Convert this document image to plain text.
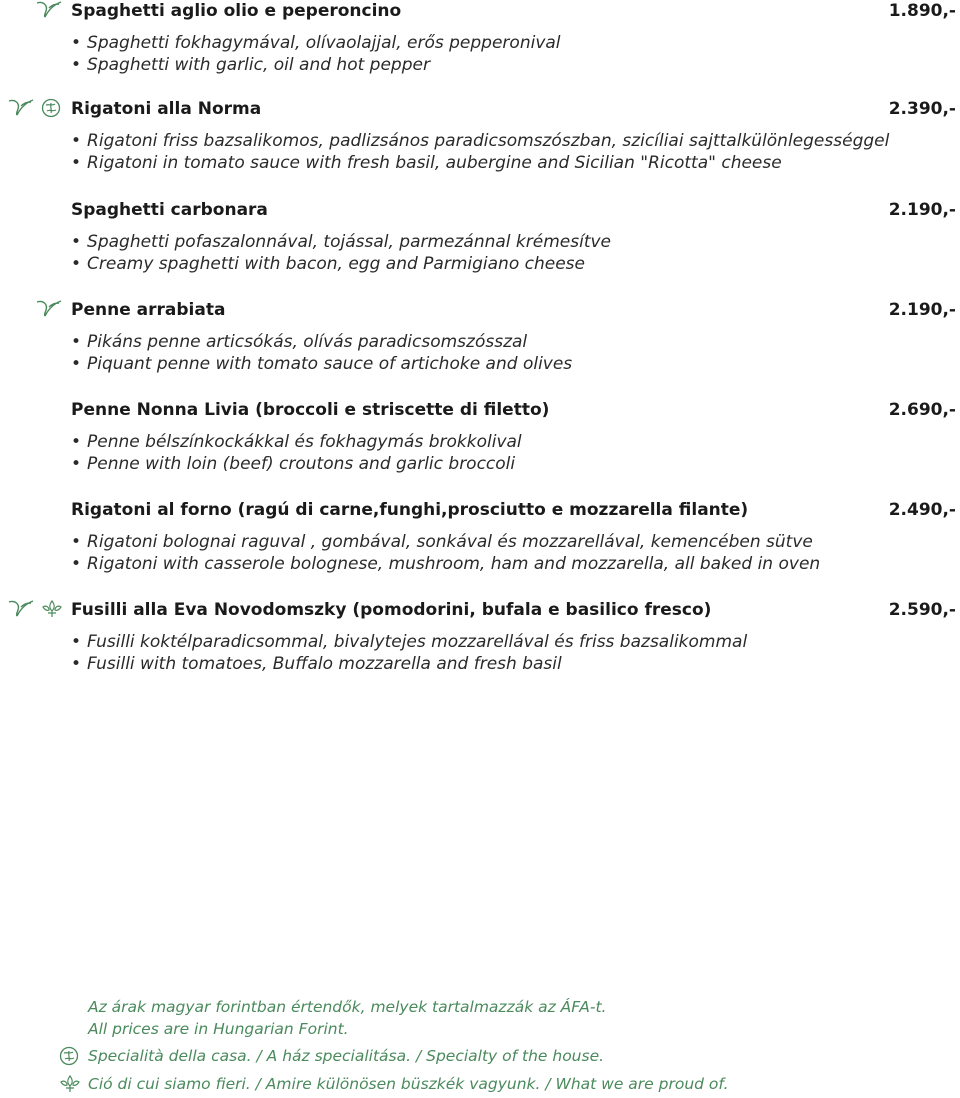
Spaghetti aglio olio e peperoncino	1.890,-
• Spaghetti fokhagymával, olívaolajjal, erős pepperonival
• Spaghetti with garlic, oil and hot pepper
Rigatoni alla Norma	2.390,-
• Rigatoni friss bazsalikomos, padlizsános paradicsomszószban, szicíliai sajttalkülönlegességgel
• Rigatoni in tomato sauce with fresh basil, aubergine and Sicilian "Ricotta" cheese
Spaghetti carbonara	2.190,-
• Spaghetti pofaszalonnával, tojással, parmezánnal krémesítve
• Creamy spaghetti with bacon, egg and Parmigiano cheese
Penne arrabiata	2.190,-
• Pikáns penne articsókás, olívás paradicsomszósszal
• Piquant penne with tomato sauce of artichoke and olives
Penne Nonna Livia (broccoli e striscette di filetto)	2.690,-
• Penne bélszínkockákkal és fokhagymás brokkolival
• Penne with loin (beef) croutons and garlic broccoli
Rigatoni al forno (ragú di carne,funghi,prosciutto e mozzarella filante)	2.490,-
• Rigatoni bolognai raguval , gombával, sonkával és mozzarellával, kemencében sütve
• Rigatoni with casserole bolognese, mushroom, ham and mozzarella, all baked in oven
Fusilli alla Eva Novodomszky (pomodorini, bufala e basilico fresco)	2.590,-
• Fusilli koktélparadicsommal, bivalytejes mozzarellával és friss bazsalikommal
• Fusilli with tomatoes, Buffalo mozzarella and fresh basil
Az árak magyar forintban értendők, melyek tartalmazzák az ÁFA-t.
All prices are in Hungarian Forint.
Specialità della casa. / A ház specialitása. / Specialty of the house.
Ció di cui siamo fieri. / Amire különösen büszkék vagyunk. / What we are proud of.
